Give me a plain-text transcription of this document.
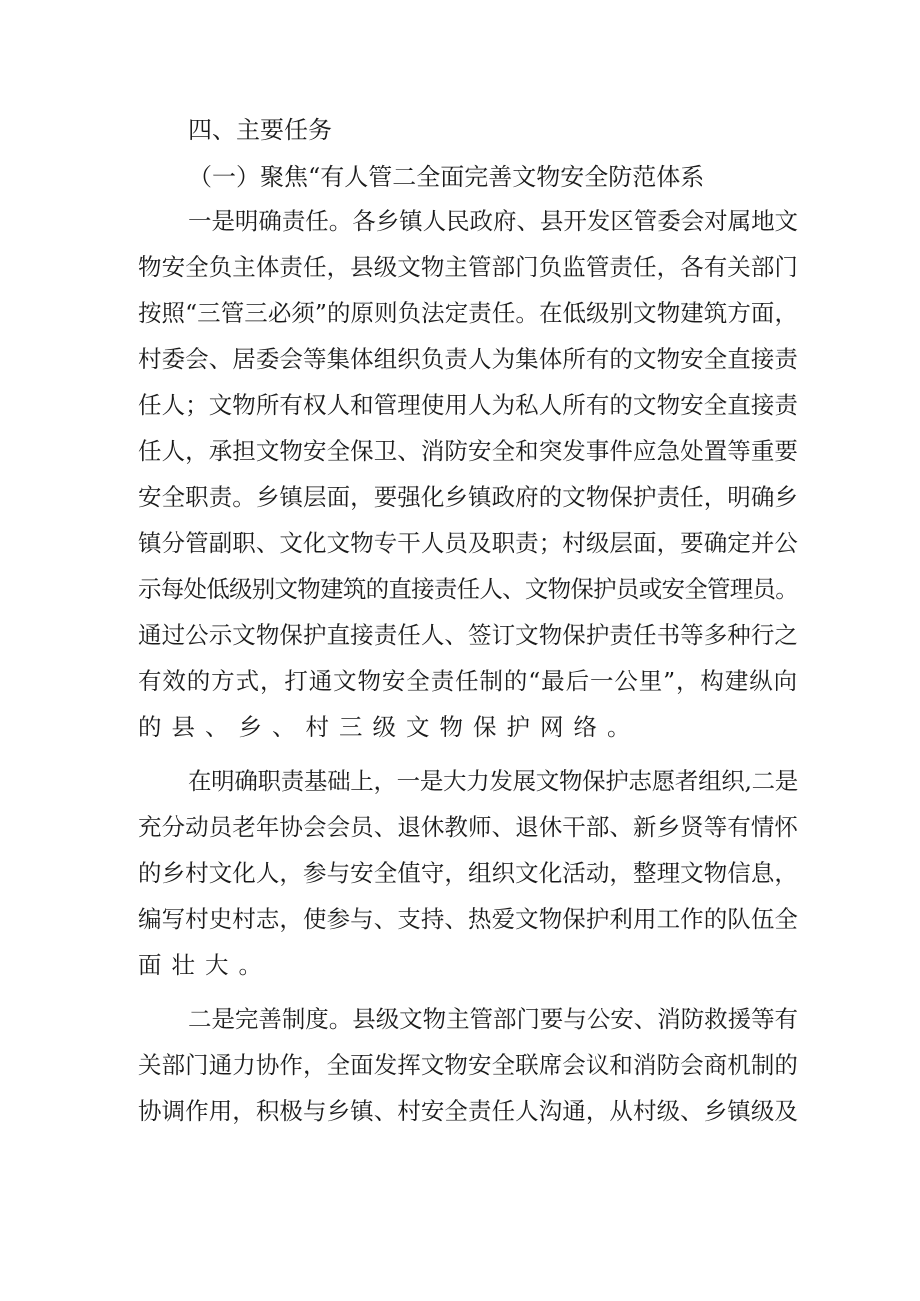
四、主要任务
（一）聚焦“有人管二全面完善文物安全防范体系
一是明确责任。各乡镇人民政府、县开发区管委会对属地文
物安全负主体责任，县级文物主管部门负监管责任，各有关部门
按照“三管三必须”的原则负法定责任。在低级别文物建筑方面，
村委会、居委会等集体组织负责人为集体所有的文物安全直接责
任人；文物所有权人和管理使用人为私人所有的文物安全直接责
任人，承担文物安全保卫、消防安全和突发事件应急处置等重要
安全职责。乡镇层面，要强化乡镇政府的文物保护责任，明确乡
镇分管副职、文化文物专干人员及职责；村级层面，要确定并公
示每处低级别文物建筑的直接责任人、文物保护员或安全管理员。
通过公示文物保护直接责任人、签订文物保护责任书等多种行之
有效的方式，打通文物安全责任制的“最后一公里”，构建纵向
的县、乡、村三级文物保护网络。
在明确职责基础上，一是大力发展文物保护志愿者组织,二是
充分动员老年协会会员、退休教师、退休干部、新乡贤等有情怀
的乡村文化人，参与安全值守，组织文化活动，整理文物信息，
编写村史村志，使参与、支持、热爱文物保护利用工作的队伍全
面壮大。
二是完善制度。县级文物主管部门要与公安、消防救援等有
关部门通力协作，全面发挥文物安全联席会议和消防会商机制的
协调作用，积极与乡镇、村安全责任人沟通，从村级、乡镇级及
